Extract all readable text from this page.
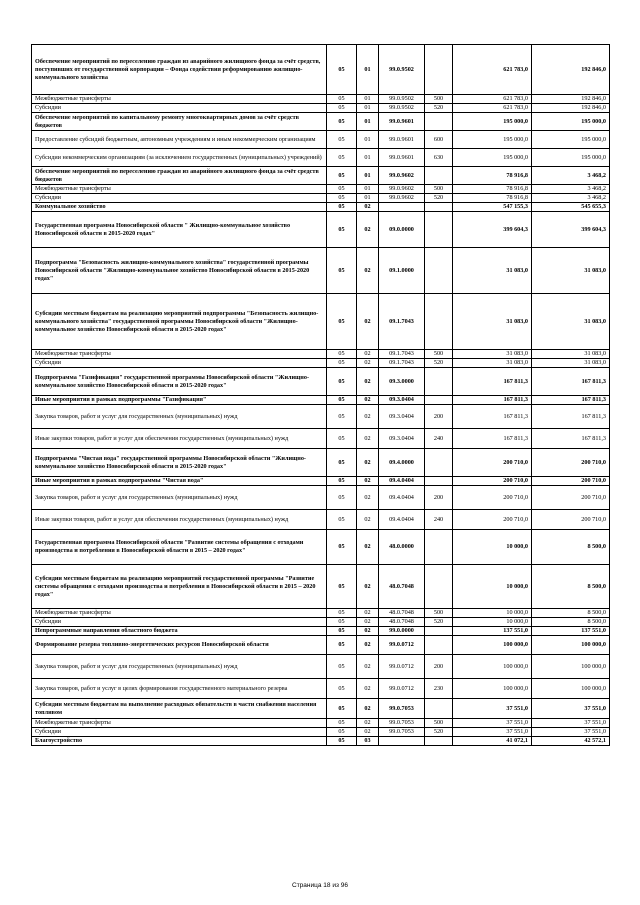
Обеспечение мероприятий по переселению граждан из аварийного жилищного фонда за счёт средств, поступивших от государственной корпорации – Фонда содействия реформированию жилищно-коммунального хозяйства	05	01	99.0.9502		621 783,0	192 846,0
Межбюджетные трансферты	05	01	99.0.9502	500	621 783,0	192 846,0
Субсидии	05	01	99.0.9502	520	621 783,0	192 846,0
Обеспечение мероприятий по капитальному ремонту многоквартирных домов за счёт средств бюджетов	05	01	99.0.9601		195 000,0	195 000,0
Предоставление субсидий бюджетным, автономным учреждениям и иным некоммерческим организациям	05	01	99.0.9601	600	195 000,0	195 000,0
Субсидии некоммерческим организациям (за исключением государственных (муниципальных) учреждений)	05	01	99.0.9601	630	195 000,0	195 000,0
Обеспечение мероприятий по переселению граждан из аварийного жилищного фонда за счёт средств бюджетов	05	01	99.0.9602		78 916,8	3 468,2
Межбюджетные трансферты	05	01	99.0.9602	500	78 916,8	3 468,2
Субсидии	05	01	99.0.9602	520	78 916,8	3 468,2
Коммунальное хозяйство	05	02			547 155,3	545 655,3
Государственная программа Новосибирской области " Жилищно-коммунальное хозяйство Новосибирской области в 2015-2020 годах"	05	02	09.0.0000		399 604,3	399 604,3
Подпрограмма "Безопасность жилищно-коммунального хозяйства" государственной программы Новосибирской области "Жилищно-коммунальное хозяйство Новосибирской области в 2015-2020 годах"	05	02	09.1.0000		31 083,0	31 083,0
Субсидии местным бюджетам на реализацию мероприятий подпрограммы "Безопасность жилищно-коммунального хозяйства" государственной программы Новосибирской области "Жилищно-коммунальное хозяйство Новосибирской области в 2015-2020 годах"	05	02	09.1.7043		31 083,0	31 083,0
Межбюджетные трансферты	05	02	09.1.7043	500	31 083,0	31 083,0
Субсидии	05	02	09.1.7043	520	31 083,0	31 083,0
Подпрограмма "Газификация" государственной программы Новосибирской области "Жилищно-коммунальное хозяйство Новосибирской области в 2015-2020 годах"	05	02	09.3.0000		167 811,3	167 811,3
Иные мероприятия в рамках подпрограммы "Газификация"	05	02	09.3.0404		167 811,3	167 811,3
Закупка товаров, работ и услуг для государственных (муниципальных) нужд	05	02	09.3.0404	200	167 811,3	167 811,3
Иные закупки товаров, работ и услуг для обеспечения государственных (муниципальных) нужд	05	02	09.3.0404	240	167 811,3	167 811,3
Подпрограмма "Чистая вода" государственной программы Новосибирской области "Жилищно-коммунальное хозяйство Новосибирской области в 2015-2020 годах"	05	02	09.4.0000		200 710,0	200 710,0
Иные мероприятия в рамках подпрограммы "Чистая вода"	05	02	09.4.0404		200 710,0	200 710,0
Закупка товаров, работ и услуг для государственных (муниципальных) нужд	05	02	09.4.0404	200	200 710,0	200 710,0
Иные закупки товаров, работ и услуг для обеспечения государственных (муниципальных) нужд	05	02	09.4.0404	240	200 710,0	200 710,0
Государственная программа Новосибирской области "Развитие системы обращения с отходами производства и потребления в Новосибирской области в 2015 – 2020 годах"	05	02	48.0.0000		10 000,0	8 500,0
Субсидии местным бюджетам на реализацию мероприятий государственной программы "Развитие системы обращения с отходами производства и потребления в Новосибирской области в 2015 – 2020 годах"	05	02	48.0.7048		10 000,0	8 500,0
Межбюджетные трансферты	05	02	48.0.7048	500	10 000,0	8 500,0
Субсидии	05	02	48.0.7048	520	10 000,0	8 500,0
Непрограммные направления областного бюджета	05	02	99.0.0000		137 551,0	137 551,0
Формирование резерва топливно-энергетических ресурсов Новосибирской области	05	02	99.0.0712		100 000,0	100 000,0
Закупка товаров, работ и услуг для государственных (муниципальных) нужд	05	02	99.0.0712	200	100 000,0	100 000,0
Закупка товаров, работ и услуг в целях формирования государственного материального резерва	05	02	99.0.0712	230	100 000,0	100 000,0
Субсидии местным бюджетам на выполнение расходных обязательств в части снабжения населения топливом	05	02	99.0.7053		37 551,0	37 551,0
Межбюджетные трансферты	05	02	99.0.7053	500	37 551,0	37 551,0
Субсидии	05	02	99.0.7053	520	37 551,0	37 551,0
Благоустройство	05	03			41 072,1	42 572,1
Страница 18 из 96
